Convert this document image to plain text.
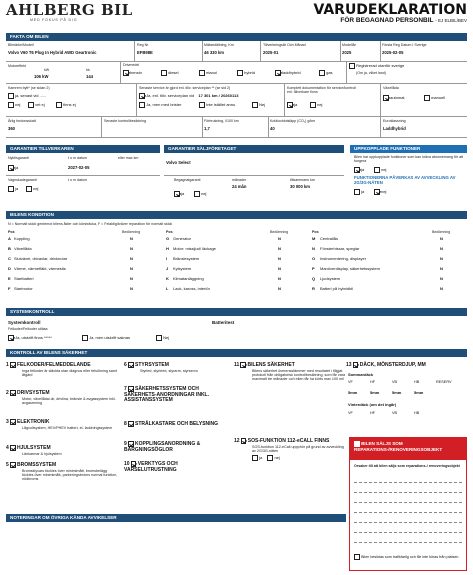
AHLBERG BIL
MED FOKUS PÅ DIG
VARUDEKLARATION
FÖR BEGAGNAD PERSONBIL - EJ ELBIL/BEV
FAKTA OM BILEN
Bilmärke/Modell
Volvo V60 T6 Plug In Hybrid AWD Geartronic
Reg Nr
EFB98E
Mätarställning, Km
46 330 km
Tillverkningsår Och Månad
2025-01
Modellår
2025
Första Reg Datum I Sverige
2025-02-05
Motoreffekt
kW	hk
106 kW	144
Drivmedel
bensin	diesel	etanol	hybrid	laddhybrid	gas
Registrerad utanför sverige
(Om ja, vilket land)
Kamrem bytt* (se sidan 2)
ja, senast vid ......
nej	vet ej	finns ej
Senaste service är gjord enl. tillv. serviceplan ** (se sid 2)
Ja, enl. tillv. serviceplan vid 17 301 km / 20260113
Ja, men med brister	Inte istället annu	Nej
Komplett dokumentation för service/kontroll enl. tillverkare finns
ja	nej
Växellåda
automat	manuell
Årlig fordonsskatt
360
Senaste kontrollbesiktning	Förbrukning, l/100 km
1,7
Koldioxidutsläpp (CO₂) g/km
40
Euroklassning
Laddhybrid
GARANTIER TILLVERKAREN	GARANTIER SÄLJFÖRETAGET	UPPKOPPLADE FUNKTIONER
Nybilsgaranti	t o m datum	eller max km
ja	2027-02-05
Vagnskadegaranti	t o m datum
ja	nej
Volvo Select
Begagnatgaranti	månader	tillsammans km
24 mån	30 000 km
ja	nej
Bilen har uppkopplade funktioner som kan kräva abonnemang för att fungera
ja	nej
FUNKTIONERNA PÅVERKAS AV AVVECKLING AV 2G/3G-NÄTEN
ja	nej
BILENS KONDITION
N = Normalt skick gentemot bilens ålder och körsträcka, F = Felaktig/kräver reparation för normalt skick
Pos	Bedömning	Pos	Bedömning	Pos	Bedömning
A Koppling	N
B Växellåda	N
C Slutväxel, drivaxlar, drivknutar	N
D Värme, värmefläkt, värmesits	N
E Startbatteri	N
F Startmotor	N
G Generator	N
H Motor: missljud/ läckage	N
I Bränslesystem	N
J Kylsystem	N
K Klimatanläggning	N
L Lack, kaross, interiör	N
M Centrallås	N
N Fönsterhissar, speglar	N
O Instrumentering, displayer	N
P Manöverdisplay, säkerhetssystem	N
Q Ljudsystem	N
R Batteri på hybridbil	N
SYSTEMKONTROLL
Systemkontroll	Batteritest
Felkoder/Felkoder utläsa
Ja, utskrift finns *****	Ja, men utskrift saknas	Nej
KONTROLL AV BILENS SÄKERHET
1 FELKODER/FELMEDDELANDE
Inga felkoder är släckta utan diagnos eller felsökning samt åtgärd
2 DRIVSYSTEM
Motor, växellåda/-är, drivlina, bränsle & avgassystem inkl. avgasrening
3 ELEKTRONIK
Lågvoltsystem, HEV/PHEV batteri, el- laddningssystem
4 HJULSYSTEM
Länkarmar & hjulsystem
5 BROMSSYSTEM
Bromsklyvars töckles över minimimått, bromsbelägg töckles över minimimått, parkeringsbroms normal funktion, nödbroms
6 STYRSYSTEM
Styrled, styrleed, styrarm, styrservo
7 SÄKERHETSSYSTEM OCH SÄKERHETS-ANORDNINGAR INKL. ASSISTANSSYSTEM
8 STRÅLKASTARE OCH BELYSNING
9 KOPPLINGSANORDNING & BÄRGNINGSÖGLOR
10 VERKTYGS OCH VARSELUTRUSTNING
11 BILENS SÄKERHET
Bilens säkerhet överensstämmer med resultatet i tillgjat protokoll från obligatorisk kontrollbesiktning, som får vara maximalt tre månader och bilen får ha körts max 100 mil
12 SOS-FUNKTION 112-eCALL FINNS
SOS-funktion 112-eCall uppphör på grund av avveckling av 2G/3G-näten
ja	nej
13 DÄCK, MÖNSTERDJUP, MM
Sommardäck
VF	HF	VB	HB	RESERV
5mm	5mm	5mm	5mm
Vinterdäck (om det ingår)
VF	HF	VB	HB
BILEN SÄLJS SOM REPARATIONS-/RENOVERINGSOBJEKT
Orsaker till att bilen säljs som reparations-/ renoveringsobjekt
Bilen besiktas som trafikfarlig och får inte köras från platsen
NOTERINGAR OM ÖVRIGA KÄNDA AVVIKELSER
